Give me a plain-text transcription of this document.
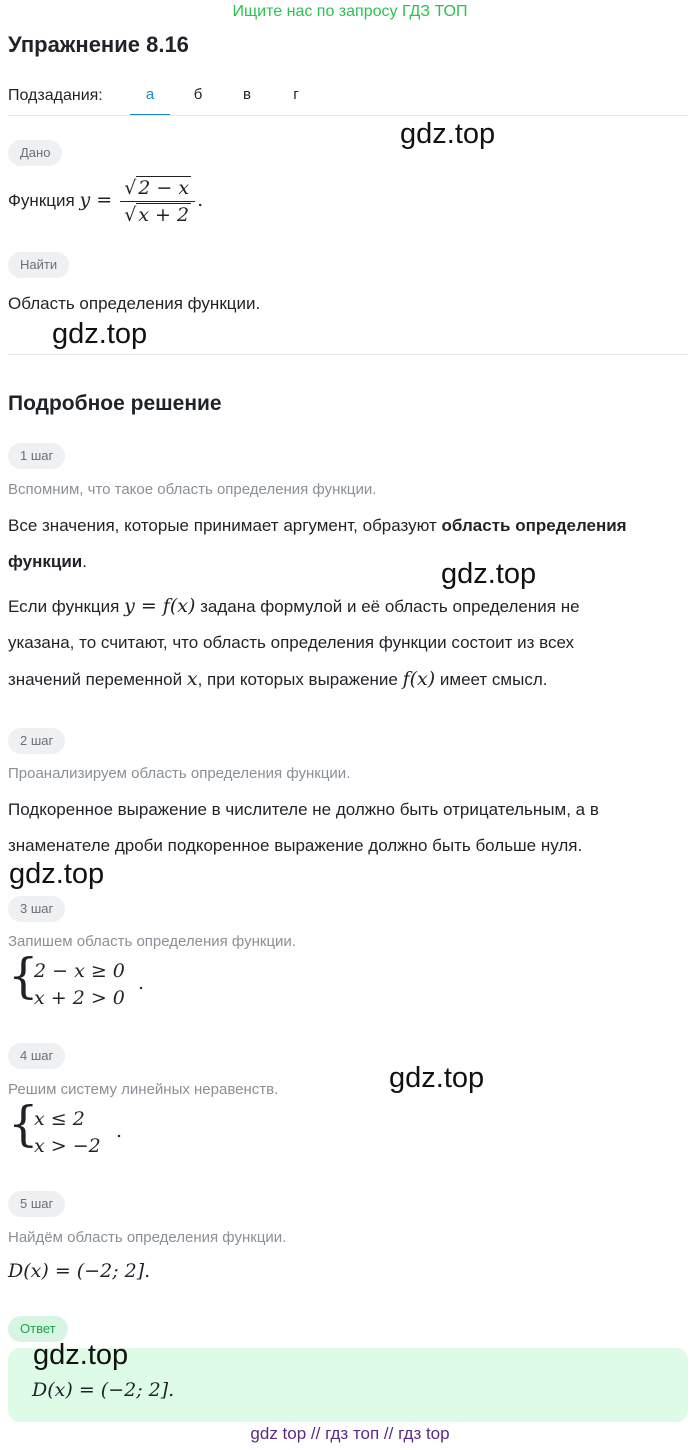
Ищите нас по запросу ГДЗ ТОП
Упражнение 8.16
Подзадания:	а	б	в	г
Дано
Функция $y = \frac{√ 2 - x}{√ x + 2}$ .
Найти
Область определения функции.
Подробное решение
1 шаг
Вспомним, что такое область определения функции.
Все значения, которые принимает аргумент, образуют область определения
функции.
Если функция y = f(x) задана формулой и её область определения не
указана, то считают, что область определения функции состоит из всех
значений переменной x, при которых выражение f(x) имеет смысл.
2 шаг
Проанализируем область определения функции.
Подкоренное выражение в числителе не должно быть отрицательным, а в
знаменателе дроби подкоренное выражение должно быть больше нуля.
3 шаг
Запишем область определения функции.
{
2 − x ≥ 0
x + 2 > 0
.
4 шаг
Решим систему линейных неравенств.
{
x ≤ 2
x > −2
.
5 шаг
Найдём область определения функции.
D(x) = (−2; 2].
Ответ
D(x) = (−2; 2].
gdz.top
gdz.top
gdz.top
gdz.top
gdz.top
gdz.top
gdz top // гдз топ // гдз top
